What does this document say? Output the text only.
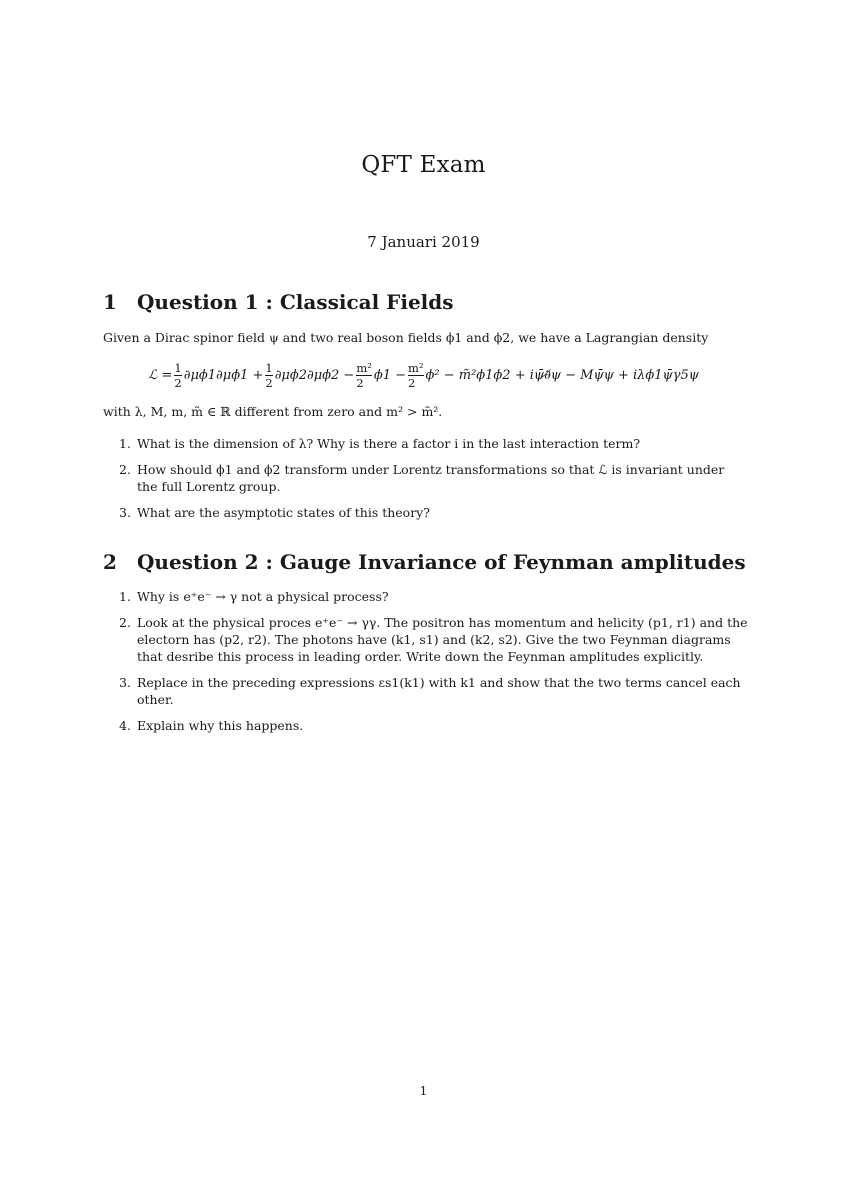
QFT Exam
7 Januari 2019
1 Question 1 : Classical Fields
Given a Dirac spinor field ψ and two real boson fields ϕ1 and ϕ2, we have a Lagrangian density
ℒ = $\frac{1}{2} \partial\mu\phi 1\partial\mu\phi 1 + \frac{1}{2} \partial\mu\phi 2\partial\mu\phi 2 - \frac{\text{m²}}{2} \phi 1 - \frac{\text{m²}}{2} \phi^2$ − m̃²ϕ1ϕ2 + iψ̄∂̸ψ − Mψ̄ψ + iλϕ1ψ̄γ5ψ
with λ, M, m, m̃ ∈ ℝ different from zero and m² > m̃².
1. What is the dimension of λ? Why is there a factor i in the last interaction term?
2. How should ϕ1 and ϕ2 transform under Lorentz transformations so that ℒ is invariant under the full Lorentz group.
3. What are the asymptotic states of this theory?
2 Question 2 : Gauge Invariance of Feynman amplitudes
1. Why is e⁺e⁻ → γ not a physical process?
2. Look at the physical proces e⁺e⁻ → γγ. The positron has momentum and helicity (p1, r1) and the electorn has (p2, r2). The photons have (k1, s1) and (k2, s2). Give the two Feynman diagrams that desribe this process in leading order. Write down the Feynman amplitudes explicitly.
3. Replace in the preceding expressions εs1(k1) with k1 and show that the two terms cancel each other.
4. Explain why this happens.
1
